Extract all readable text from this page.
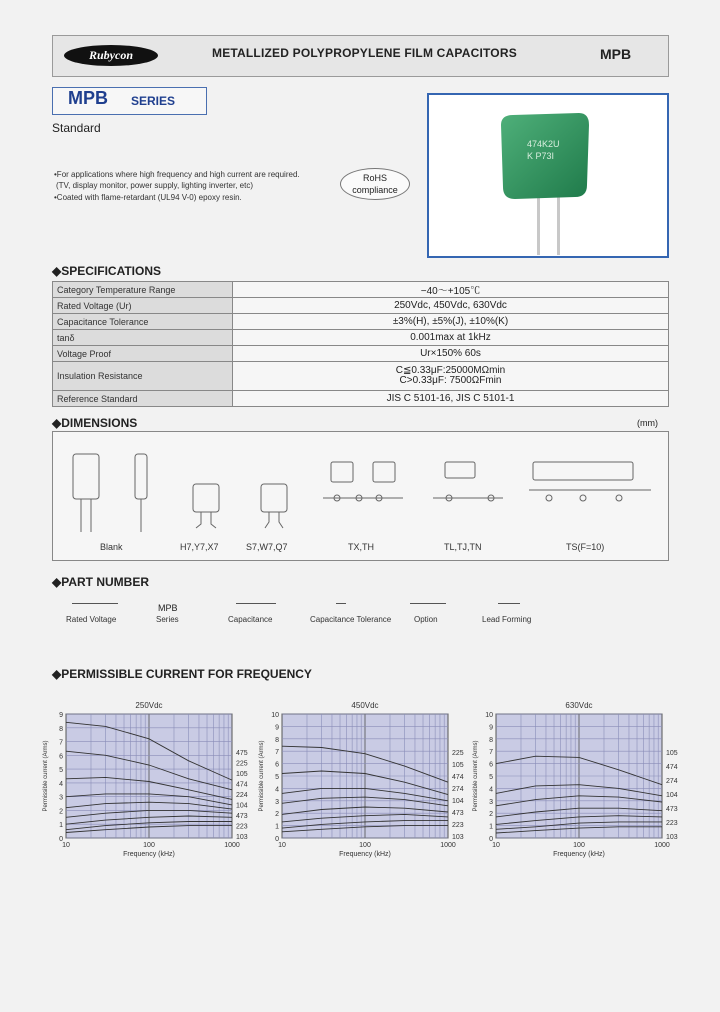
Rubycon	METALLIZED POLYPROPYLENE FILM CAPACITORS	MPB
MPB SERIES
Standard
•For applications where high frequency and high current are required.
(TV, display monitor, power supply, lighting inverter, etc)
•Coated with flame-retardant (UL94 V-0) epoxy resin.
RoHS
compliance
474K2U
K P73I
◆SPECIFICATIONS
Category Temperature Range	−40～+105℃
Rated Voltage (Ur)	250Vdc, 450Vdc, 630Vdc
Capacitance Tolerance	±3%(H), ±5%(J), ±10%(K)
tanδ	0.001max at 1kHz
Voltage Proof	Ur×150% 60s
Insulation Resistance	C≦0.33μF:25000MΩmin
C>0.33μF: 7500ΩFmin

Reference Standard	JIS C 5101-16, JIS C 5101-1
◆DIMENSIONS	(mm)
Blank	H7,Y7,X7	S7,W7,Q7	TX,TH	TL,TJ,TN	TS(F=10)
◆PART NUMBER
MPB
Rated Voltage	Series	Capacitance	Capacitance Tolerance	Option	Lead Forming
◆PERMISSIBLE CURRENT FOR FREQUENCY
250Vdc
0
1
2
3
4
5
6
7
8
9
10	100	1000
Frequency (kHz)
Permissible current (Arms)	475
225
105
474
224
104
473
223
103
450Vdc
0
1
2
3
4
5
6
7
8
9
10
10	100	1000
Frequency (kHz)
Permissible current (Arms)	225
105
474
274
104
473
223
103
630Vdc
0
1
2
3
4
5
6
7
8
9
10
10	100	1000
Frequency (kHz)
Permissible current (Arms)	105
474
274
104
473
223
103
